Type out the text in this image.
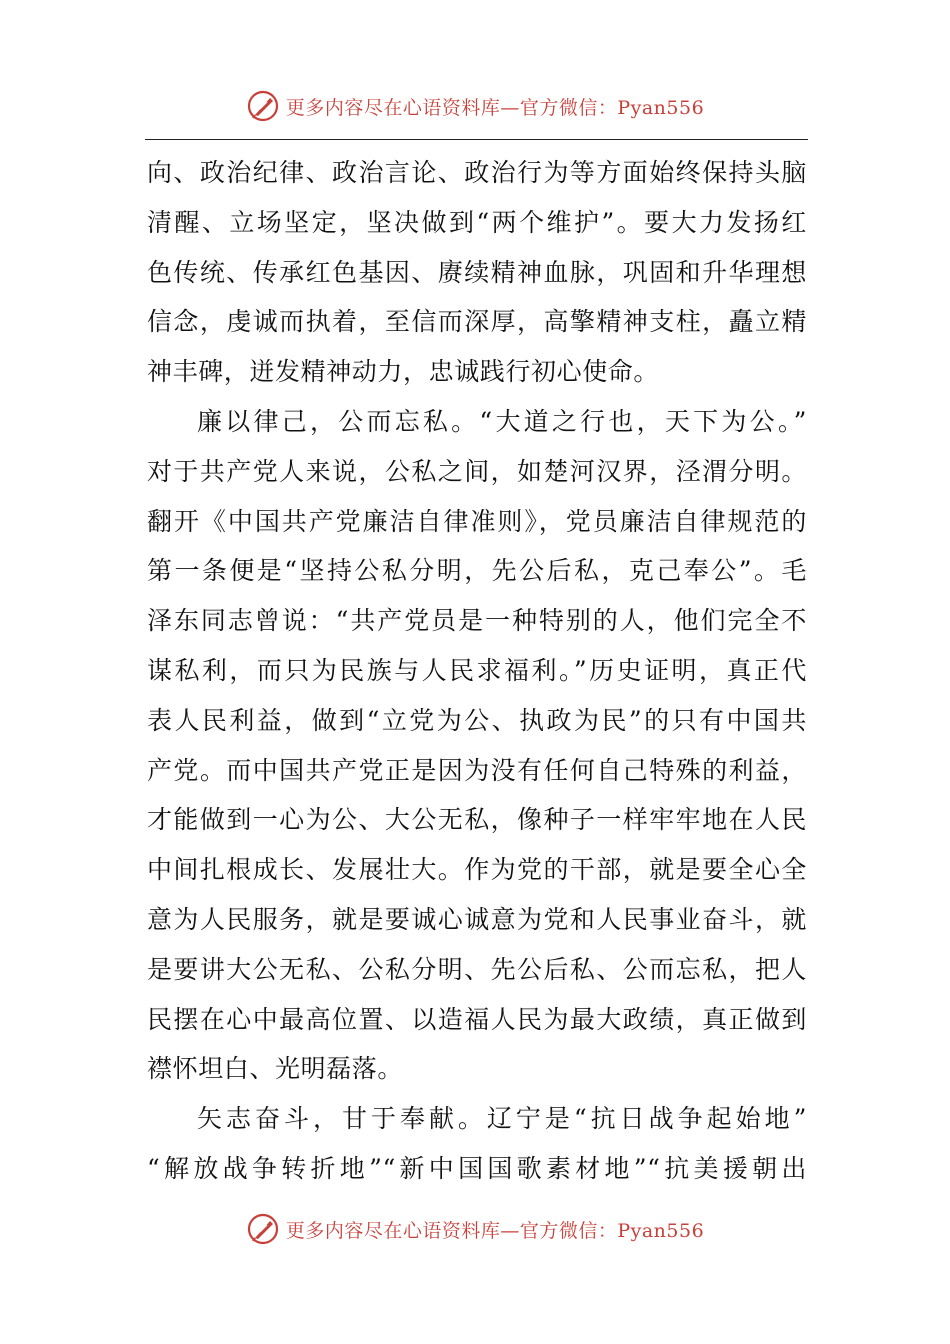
更多内容尽在心语资料库—官方微信：Pyan556
向、政治纪律、政治言论、政治行为等方面始终保持头脑
清醒、立场坚定，坚决做到“两个维护”。要大力发扬红
色传统、传承红色基因、赓续精神血脉，巩固和升华理想
信念，虔诚而执着，至信而深厚，高擎精神支柱，矗立精
神丰碑，迸发精神动力，忠诚践行初心使命。
廉以律己，公而忘私。“大道之行也，天下为公。”
对于共产党人来说，公私之间，如楚河汉界，泾渭分明。
翻开《中国共产党廉洁自律准则》，党员廉洁自律规范的
第一条便是“坚持公私分明，先公后私，克己奉公”。毛
泽东同志曾说：“共产党员是一种特别的人，他们完全不
谋私利，而只为民族与人民求福利。”历史证明，真正代
表人民利益，做到“立党为公、执政为民”的只有中国共
产党。而中国共产党正是因为没有任何自己特殊的利益，
才能做到一心为公、大公无私，像种子一样牢牢地在人民
中间扎根成长、发展壮大。作为党的干部，就是要全心全
意为人民服务，就是要诚心诚意为党和人民事业奋斗，就
是要讲大公无私、公私分明、先公后私、公而忘私，把人
民摆在心中最高位置、以造福人民为最大政绩，真正做到
襟怀坦白、光明磊落。
矢志奋斗，甘于奉献。辽宁是“抗日战争起始地”
“解放战争转折地”“新中国国歌素材地”“抗美援朝出
更多内容尽在心语资料库—官方微信：Pyan556
